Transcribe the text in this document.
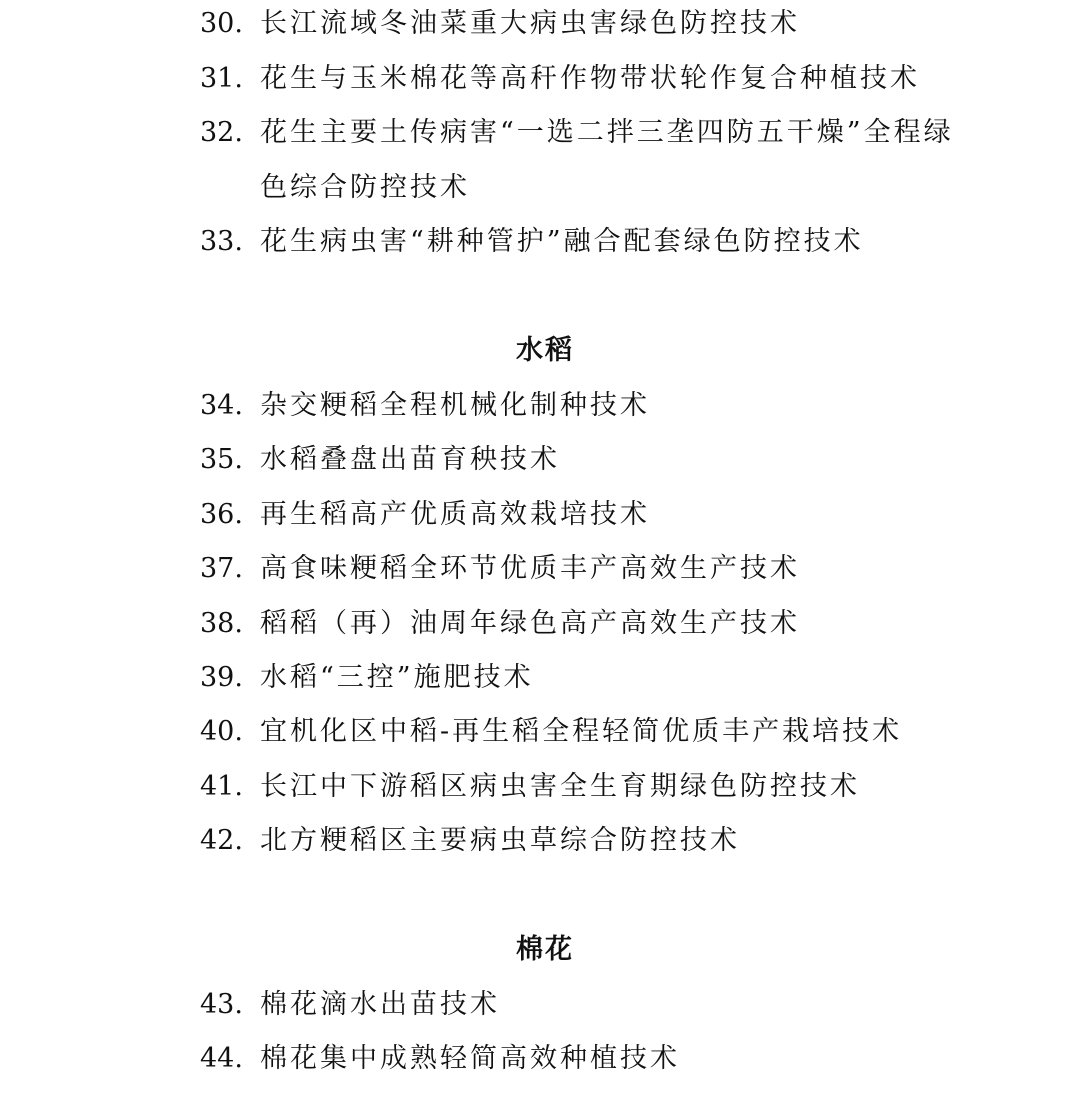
30. 长江流域冬油菜重大病虫害绿色防控技术
31. 花生与玉米棉花等高秆作物带状轮作复合种植技术
32. 花生主要土传病害“一选二拌三垄四防五干燥”全程绿
色综合防控技术
33. 花生病虫害“耕种管护”融合配套绿色防控技术
水稻
34. 杂交粳稻全程机械化制种技术
35. 水稻叠盘出苗育秧技术
36. 再生稻高产优质高效栽培技术
37. 高食味粳稻全环节优质丰产高效生产技术
38. 稻稻（再）油周年绿色高产高效生产技术
39. 水稻“三控”施肥技术
40. 宜机化区中稻-再生稻全程轻简优质丰产栽培技术
41. 长江中下游稻区病虫害全生育期绿色防控技术
42. 北方粳稻区主要病虫草综合防控技术
棉花
43. 棉花滴水出苗技术
44. 棉花集中成熟轻简高效种植技术
